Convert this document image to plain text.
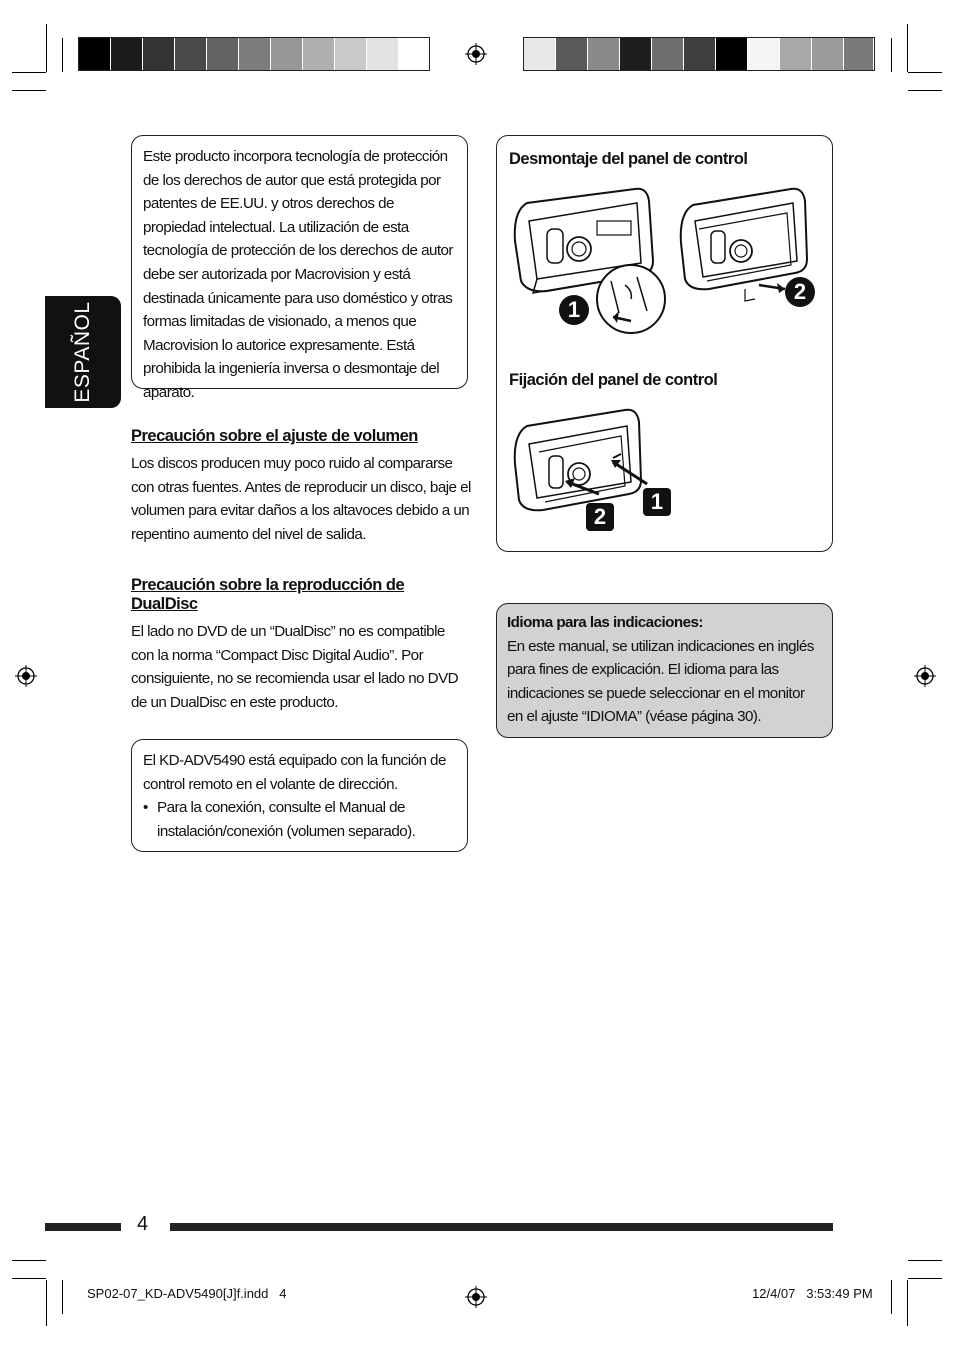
ESPAÑOL

Este producto incorpora tecnología de protección de los derechos de autor que está protegida por patentes de EE.UU. y otros derechos de propiedad intelectual. La utilización de esta tecnología de protección de los derechos de autor debe ser autorizada por Macrovision y está destinada únicamente para uso doméstico y otras formas limitadas de visionado, a menos que Macrovision lo autorice expresamente. Está prohibida la ingeniería inversa o desmontaje del aparato.

Precaución sobre el ajuste de volumen

Los discos producen muy poco ruido al compararse con otras fuentes. Antes de reproducir un disco, baje el volumen para evitar daños a los altavoces debido a un repentino aumento del nivel de salida.

Precaución sobre la reproducción de DualDisc

El lado no DVD de un “DualDisc” no es compatible con la norma “Compact Disc Digital Audio”. Por consiguiente, no se recomienda usar el lado no DVD de un DualDisc en este producto.

El KD-ADV5490 está equipado con la función de control remoto en el volante de dirección.

• Para la conexión, consulte el Manual de instalación/conexión (volumen separado).
Desmontaje del panel de control
1
2
Fijación del panel de control
2
1
Idioma para las indicaciones:

En este manual, se utilizan indicaciones en inglés para fines de explicación. El idioma para las indicaciones se puede seleccionar en el monitor en el ajuste “IDIOMA” (véase página 30).

4
SP02-07_KD-ADV5490[J]f.indd   4	12/4/07   3:53:49 PM
